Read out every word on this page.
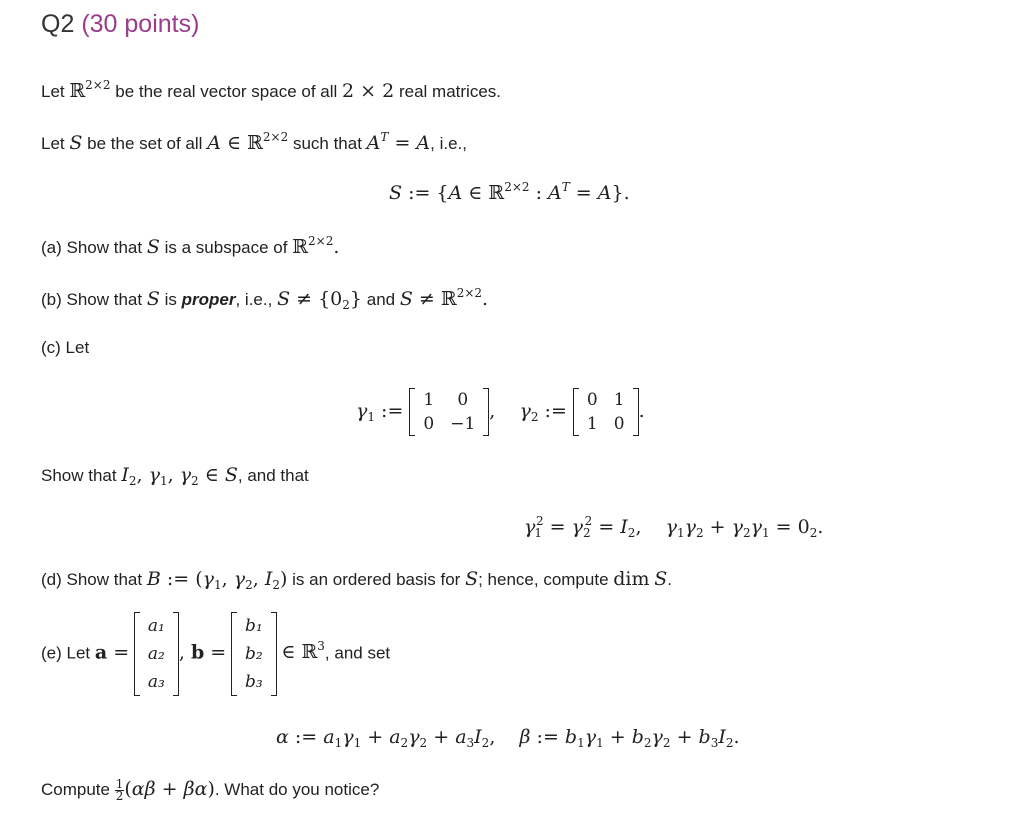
Q2 (30 points)
Let ℝ$^{2\times 2}$ be the real vector space of all 2 × 2 real matrices.
Let S be the set of all A ∈ ℝ$^{2\times 2}$ such that $A^T = A$, i.e.,
S := {A ∈ ℝ$^{2\times 2}$ : $A^T = A$}.
(a) Show that S is a subspace of ℝ$^{2\times 2}$.
(b) Show that S is proper, i.e., $S \ne \{0_2\}$ and S ≠ ℝ$^{2\times 2}$.
(c) Let
$\gamma_1$ := 1	0
0	−1
,    $\gamma_2$ := 0	1
1	0
.
Show that $I_2$, $\gamma_1$, $\gamma_2$ ∈ S, and that
$\gamma_1^2 = \gamma_2^2 = I_2$,    $\gamma_1\gamma_2 + \gamma_2\gamma_1 = 0_2$.
(d) Show that B := ($\gamma_1$, $\gamma_2$, $I_2$) is an ordered basis for S; hence, compute dim S.
(e) Let a =
a₁
a₂
a₃
, b =
b₁
b₂
b₃
∈ ℝ$^3$, and set
α := $a_1\gamma_1 + a_2\gamma_2 + a_3I_2$,    β := $b_1\gamma_1 + b_2\gamma_2 + b_3I_2$.
Compute $\frac{1}{2} (\alpha\beta + \beta\alpha)$. What do you notice?
